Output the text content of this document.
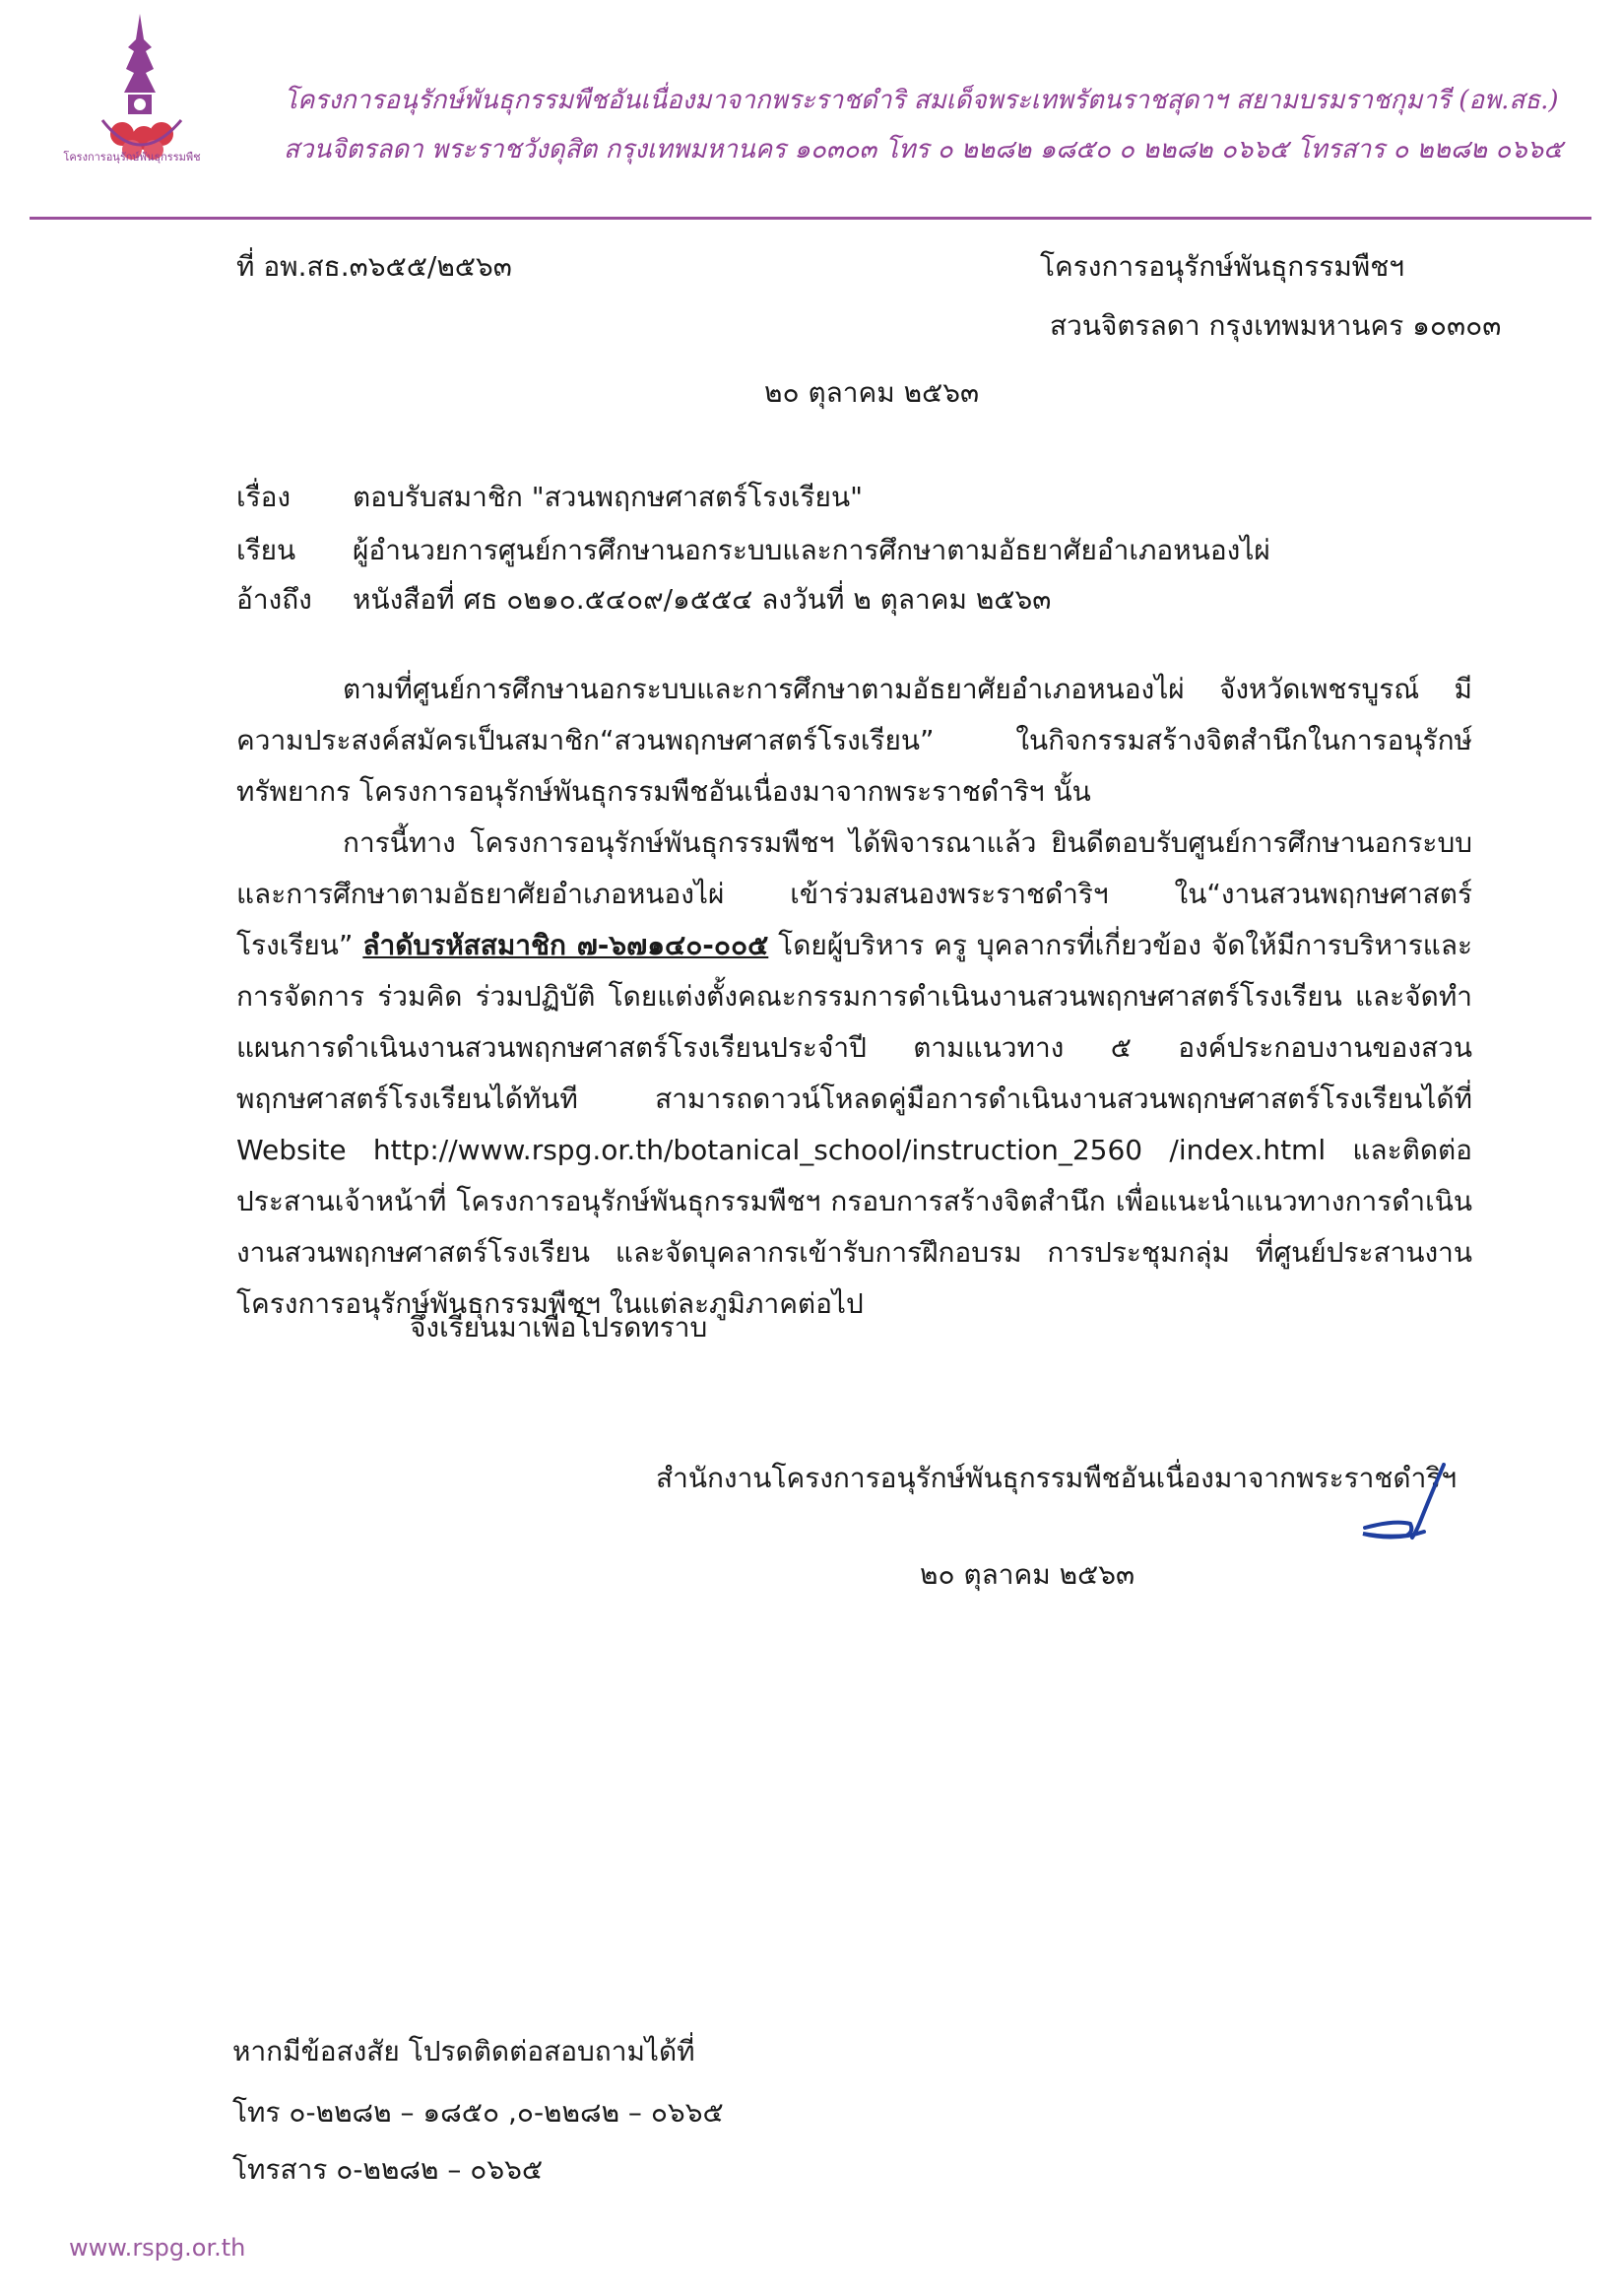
โครงการอนุรักษ์พันธุกรรมพืช
โครงการอนุรักษ์พันธุกรรมพืชอันเนื่องมาจากพระราชดำริ สมเด็จพระเทพรัตนราชสุดาฯ สยามบรมราชกุมารี (อพ.สธ.)
สวนจิตรลดา พระราชวังดุสิต กรุงเทพมหานคร ๑๐๓๐๓ โทร ๐ ๒๒๘๒ ๑๘๕๐ ๐ ๒๒๘๒ ๐๖๖๕ โทรสาร ๐ ๒๒๘๒ ๐๖๖๕
ที่ อพ.สธ.๓๖๕๕/๒๕๖๓	โครงการอนุรักษ์พันธุกรรมพืชฯ
สวนจิตรลดา กรุงเทพมหานคร ๑๐๓๐๓
๒๐ ตุลาคม ๒๕๖๓
เรื่อง	ตอบรับสมาชิก "สวนพฤกษศาสตร์โรงเรียน"
เรียน	ผู้อำนวยการศูนย์การศึกษานอกระบบและการศึกษาตามอัธยาศัยอำเภอหนองไผ่
อ้างถึง	หนังสือที่ ศธ ๐๒๑๐.๕๔๐๙/๑๕๕๔ ลงวันที่ ๒ ตุลาคม ๒๕๖๓

ตามที่ศูนย์การศึกษานอกระบบและการศึกษาตามอัธยาศัยอำเภอหนองไผ่ จังหวัดเพชรบูรณ์ มีความประสงค์สมัครเป็นสมาชิก“สวนพฤกษศาสตร์โรงเรียน” ในกิจกรรมสร้างจิตสำนึกในการอนุรักษ์ทรัพยากร โครงการอนุรักษ์พันธุกรรมพืชอันเนื่องมาจากพระราชดำริฯ นั้น

การนี้ทาง โครงการอนุรักษ์พันธุกรรมพืชฯ ได้พิจารณาแล้ว ยินดีตอบรับศูนย์การศึกษานอกระบบและการศึกษาตามอัธยาศัยอำเภอหนองไผ่ เข้าร่วมสนองพระราชดำริฯ ใน“งานสวนพฤกษศาสตร์โรงเรียน” ลำดับรหัสสมาชิก ๗-๖๗๑๔๐-๐๐๕ โดยผู้บริหาร ครู บุคลากรที่เกี่ยวข้อง จัดให้มีการบริหารและการจัดการ ร่วมคิด ร่วมปฏิบัติ โดยแต่งตั้งคณะกรรมการดำเนินงานสวนพฤกษศาสตร์โรงเรียน และจัดทำแผนการดำเนินงานสวนพฤกษศาสตร์โรงเรียนประจำปี ตามแนวทาง ๕ องค์ประกอบงานของสวนพฤกษศาสตร์โรงเรียนได้ทันที สามารถดาวน์โหลดคู่มือการดำเนินงานสวนพฤกษศาสตร์โรงเรียนได้ที่ Website http://www.rspg.or.th/botanical_school/instruction_2560 /index.html และติดต่อประสานเจ้าหน้าที่ โครงการอนุรักษ์พันธุกรรมพืชฯ กรอบการสร้างจิตสำนึก เพื่อแนะนำแนวทางการดำเนินงานสวนพฤกษศาสตร์โรงเรียน และจัดบุคลากรเข้ารับการฝึกอบรม การประชุมกลุ่ม ที่ศูนย์ประสานงานโครงการอนุรักษ์พันธุกรรมพืชฯ ในแต่ละภูมิภาคต่อไป

จึงเรียนมาเพื่อโปรดทราบ
สำนักงานโครงการอนุรักษ์พันธุกรรมพืชอันเนื่องมาจากพระราชดำริฯ
๒๐ ตุลาคม ๒๕๖๓
หากมีข้อสงสัย โปรดติดต่อสอบถามได้ที่
โทร ๐-๒๒๘๒ – ๑๘๕๐ ,๐-๒๒๘๒ – ๐๖๖๕
โทรสาร ๐-๒๒๘๒ – ๐๖๖๕
www.rspg.or.th
